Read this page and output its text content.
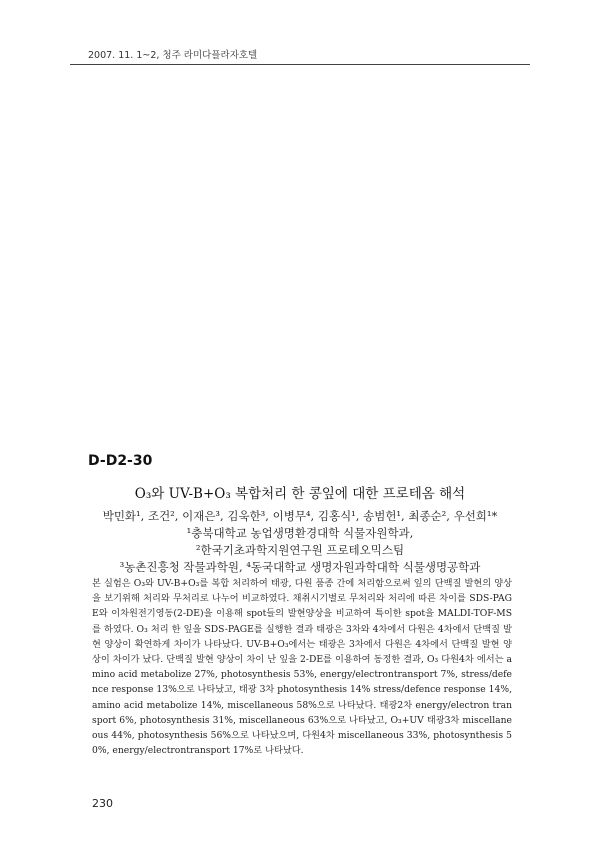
2007. 11. 1~2, 청주 라미다플라자호텔
D-D2-30
O₃와 UV-B+O₃ 복합처리 한 콩잎에 대한 프로테옴 해석

박민화¹, 조건², 이재은³, 김욱한³, 이병무⁴, 김홍식¹, 송범헌¹, 최종순², 우선희¹*

¹충북대학교 농업생명환경대학 식물자원학과,

²한국기초과학지원연구원 프로테오믹스팀

³농촌진흥청 작물과학원, ⁴동국대학교 생명자원과학대학 식물생명공학과

본 실험은 O₃와 UV-B+O₃를 복합 처리하여 태광, 다원 품종 간에 처리함으로써 잎의 단백질 발현의 양상을 보기위해 처리와 무처리로 나누어 비교하였다. 채취시기별로 무처리와 처리에 따른 차이를 SDS-PAGE와 이차원전기영동(2-DE)을 이용해 spot들의 발현양상을 비교하여 특이한 spot을 MALDI-TOF-MS를 하였다. O₃ 처리 한 잎을 SDS-PAGE를 실행한 결과 태광은 3차와 4차에서 다원은 4차에서 단백질 발현 양상이 확연하게 차이가 나타났다. UV-B+O₃에서는 태광은 3차에서 다원은 4차에서 단백질 발현 양상이 차이가 났다. 단백질 발현 양상이 차이 난 잎을 2-DE를 이용하여 동정한 결과, O₃ 다원4차 에서는 amino acid metabolize 27%, photosynthesis 53%, energy/electrontransport 7%, stress/defence response 13%으로 나타났고, 태광 3차 photosynthesis 14% stress/defence response 14%, amino acid metabolize 14%, miscellaneous 58%으로 나타났다. 태광2차 energy/electron transport 6%, photosynthesis 31%, miscellaneous 63%으로 나타났고, O₃+UV 태광3차 miscellaneous 44%, photosynthesis 56%으로 나타났으며, 다원4차 miscellaneous 33%, photosynthesis 50%, energy/electrontransport 17%로 나타났다.

230
